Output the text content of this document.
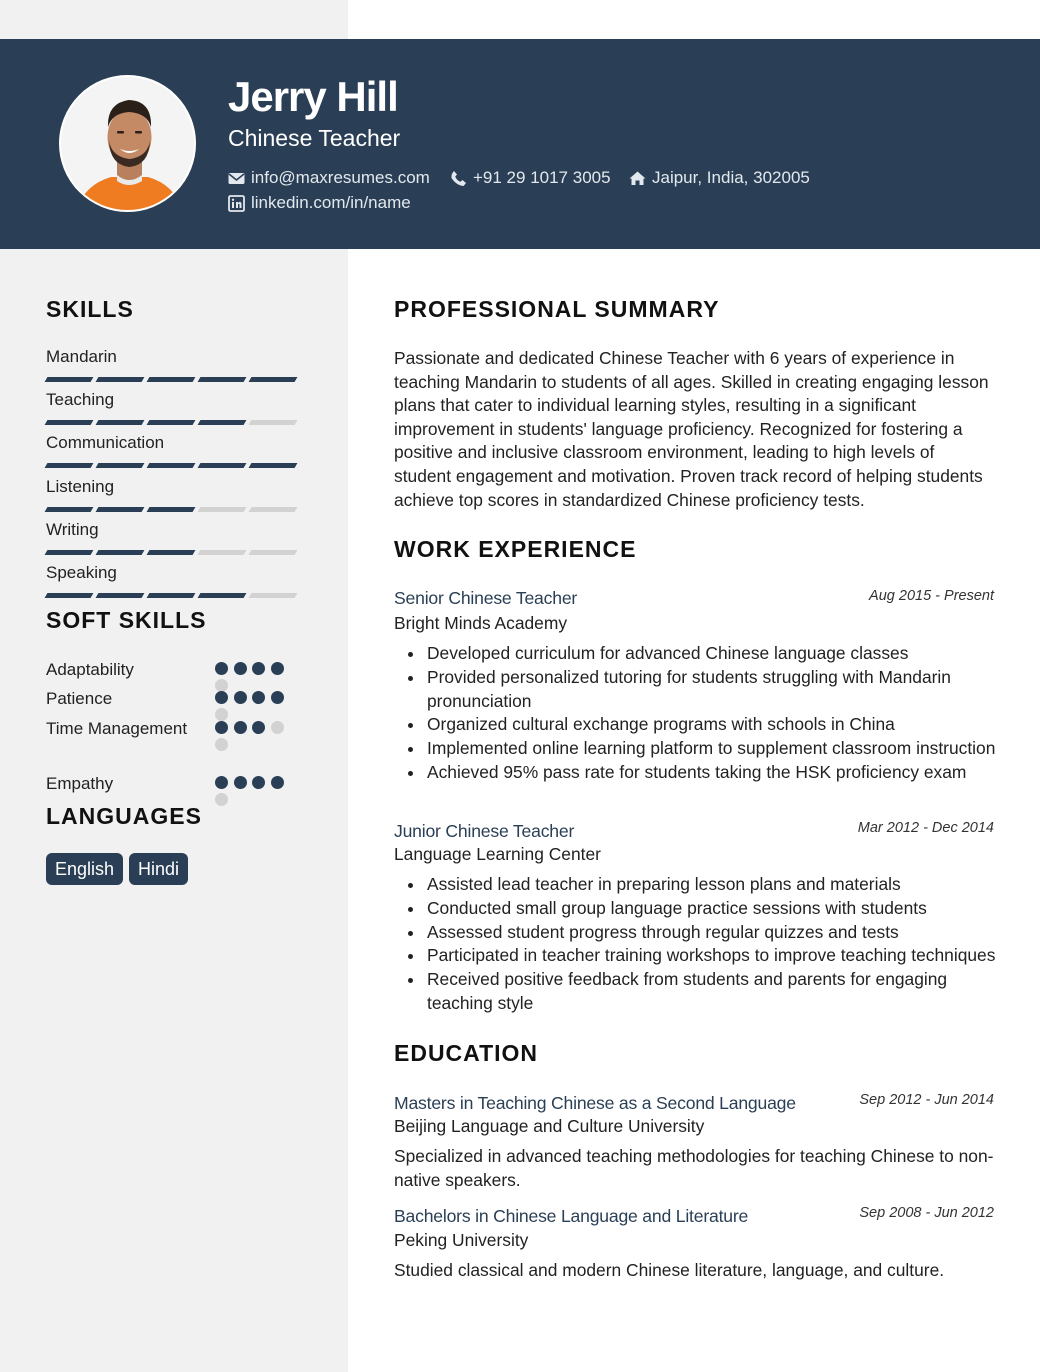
Jerry Hill
Chinese Teacher
info@maxresumes.com	+91 29 1017 3005 Jaipur, India, 302005
linkedin.com/in/name
SKILLS
Mandarin
Teaching
Communication
Listening
Writing
Speaking
SOFT SKILLS
Adaptability
Patience
Time Management
Empathy
LANGUAGES
English	Hindi
PROFESSIONAL SUMMARY
Passionate and dedicated Chinese Teacher with 6 years of experience in teaching Mandarin to students of all ages. Skilled in creating engaging lesson plans that cater to individual learning styles, resulting in a significant improvement in students' language proficiency. Recognized for fostering a positive and inclusive classroom environment, leading to high levels of student engagement and motivation. Proven track record of helping students achieve top scores in standardized Chinese proficiency tests.
WORK EXPERIENCE
Senior Chinese Teacher	Aug 2015 - Present
Bright Minds Academy
Developed curriculum for advanced Chinese language classes
Provided personalized tutoring for students struggling with Mandarin pronunciation
Organized cultural exchange programs with schools in China
Implemented online learning platform to supplement classroom instruction
Achieved 95% pass rate for students taking the HSK proficiency exam
Junior Chinese Teacher	Mar 2012 - Dec 2014
Language Learning Center
Assisted lead teacher in preparing lesson plans and materials
Conducted small group language practice sessions with students
Assessed student progress through regular quizzes and tests
Participated in teacher training workshops to improve teaching techniques
Received positive feedback from students and parents for engaging teaching style
EDUCATION
Masters in Teaching Chinese as a Second Language	Sep 2012 - Jun 2014
Beijing Language and Culture University
Specialized in advanced teaching methodologies for teaching Chinese to non-native speakers.
Bachelors in Chinese Language and Literature	Sep 2008 - Jun 2012
Peking University
Studied classical and modern Chinese literature, language, and culture.
